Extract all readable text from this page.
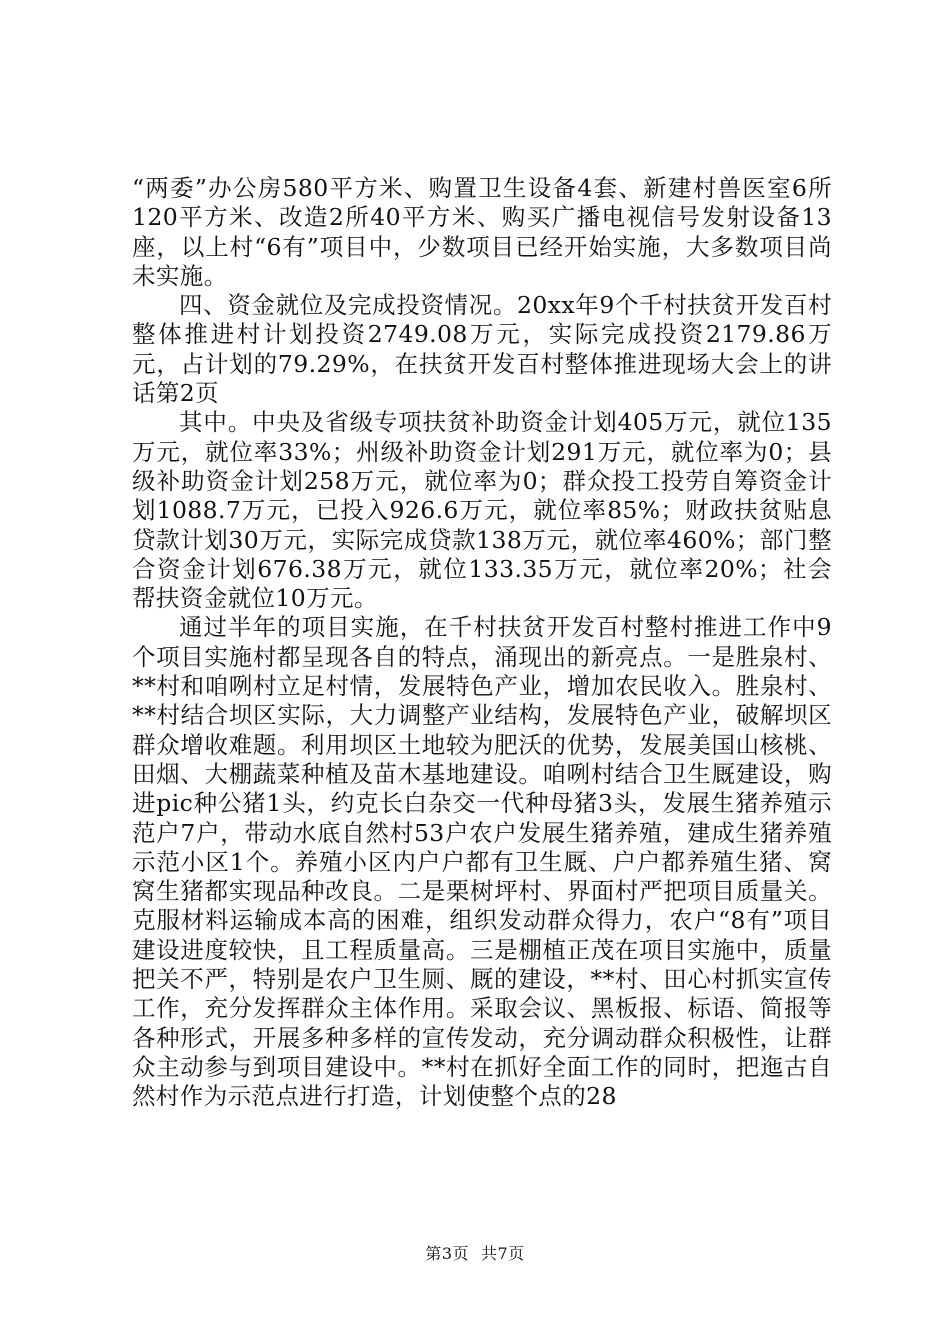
“两委”办公房580平方米、购置卫生设备4套、新建村兽医室6所120平方米、改造2所40平方米、购买广播电视信号发射设备13座，以上村“6有”项目中，少数项目已经开始实施，大多数项目尚未实施。

四、资金就位及完成投资情况。20xx年9个千村扶贫开发百村整体推进村计划投资2749.08万元，实际完成投资2179.86万元，占计划的79.29%，在扶贫开发百村整体推进现场大会上的讲话第2页

其中。中央及省级专项扶贫补助资金计划405万元，就位135万元，就位率33%；州级补助资金计划291万元，就位率为0；县级补助资金计划258万元，就位率为0；群众投工投劳自筹资金计划1088.7万元，已投入926.6万元，就位率85%；财政扶贫贴息贷款计划30万元，实际完成贷款138万元，就位率460%；部门整合资金计划676.38万元，就位133.35万元，就位率20%；社会帮扶资金就位10万元。

通过半年的项目实施，在千村扶贫开发百村整村推进工作中9个项目实施村都呈现各自的特点，涌现出的新亮点。一是胜泉村、**村和咱咧村立足村情，发展特色产业，增加农民收入。胜泉村、**村结合坝区实际，大力调整产业结构，发展特色产业，破解坝区群众增收难题。利用坝区土地较为肥沃的优势，发展美国山核桃、田烟、大棚蔬菜种植及苗木基地建设。咱咧村结合卫生厩建设，购进pic种公猪1头，约克长白杂交一代种母猪3头，发展生猪养殖示范户7户，带动水底自然村53户农户发展生猪养殖，建成生猪养殖示范小区1个。养殖小区内户户都有卫生厩、户户都养殖生猪、窝窝生猪都实现品种改良。二是栗树坪村、界面村严把项目质量关。克服材料运输成本高的困难，组织发动群众得力，农户“8有”项目建设进度较快，且工程质量高。三是棚植正茂在项目实施中，质量把关不严，特别是农户卫生厕、厩的建设，**村、田心村抓实宣传工作，充分发挥群众主体作用。采取会议、黑板报、标语、简报等各种形式，开展多种多样的宣传发动，充分调动群众积极性，让群众主动参与到项目建设中。**村在抓好全面工作的同时，把迤古自然村作为示范点进行打造，计划使整个点的28

第3页 共7页
